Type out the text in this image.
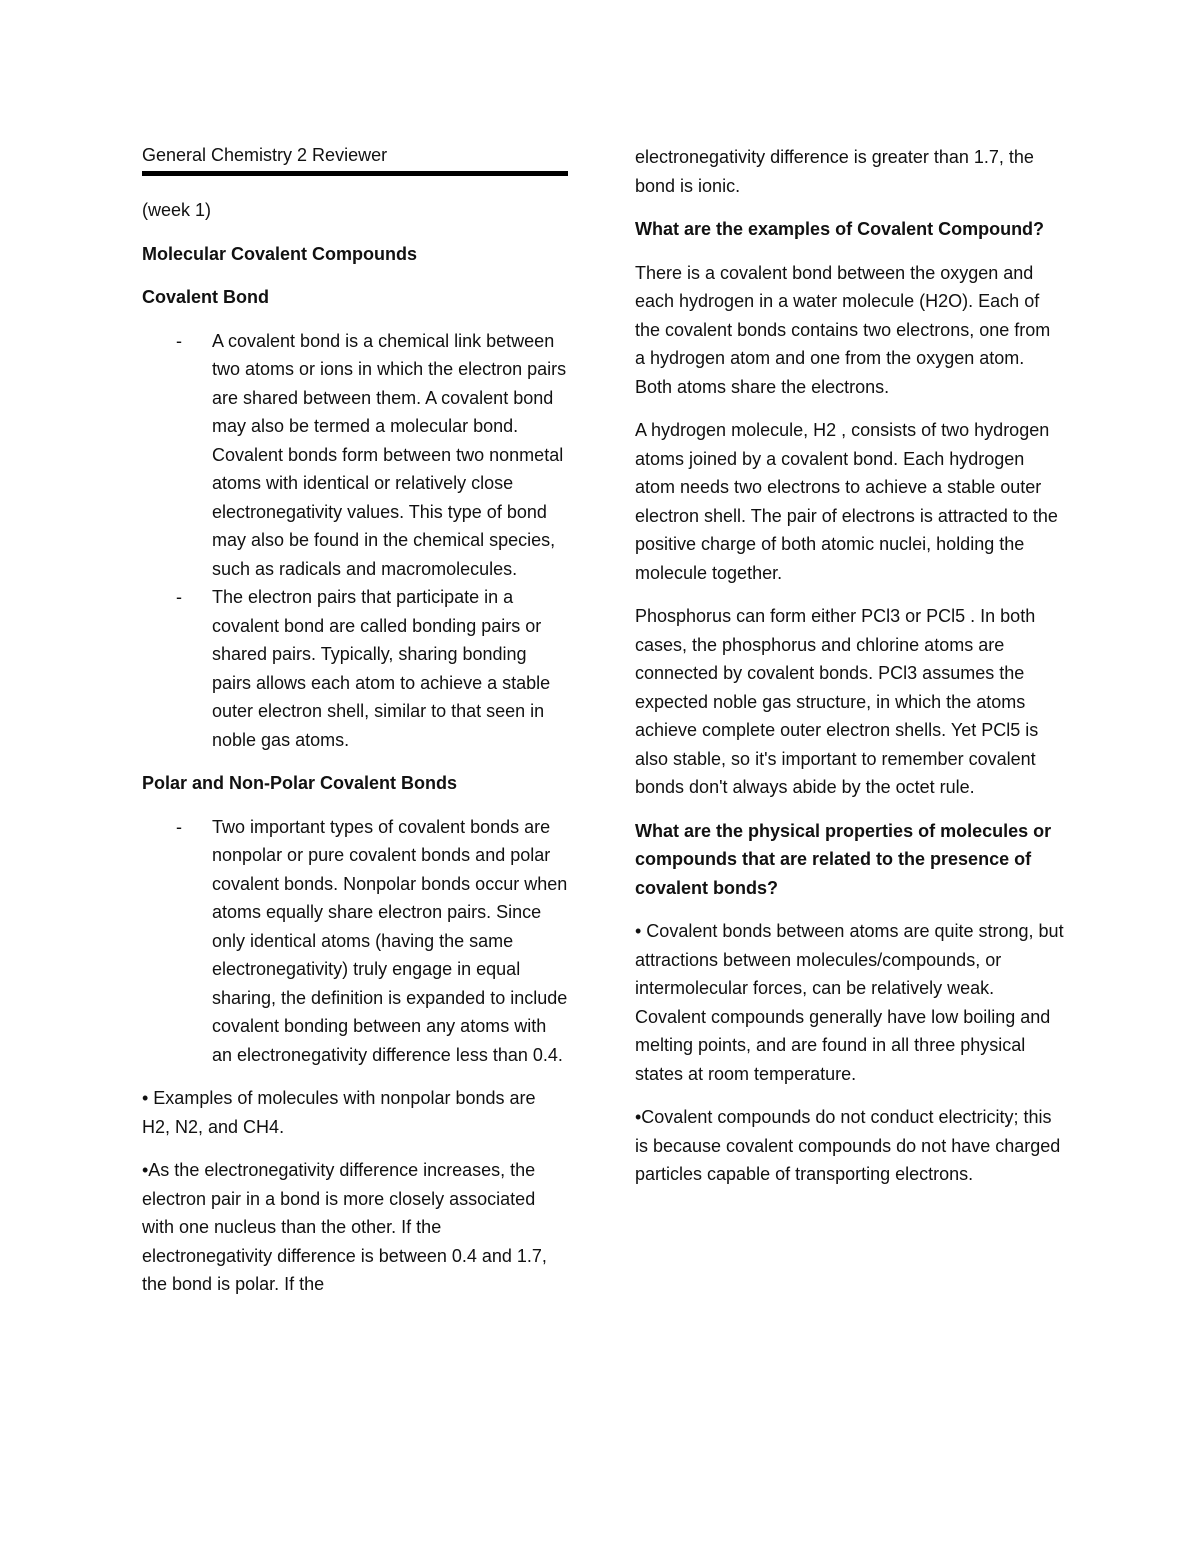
General Chemistry 2 Reviewer

(week 1)

Molecular Covalent Compounds

Covalent Bond

- A covalent bond is a chemical link between two atoms or ions in which the electron pairs are shared between them. A covalent bond may also be termed a molecular bond. Covalent bonds form between two nonmetal atoms with identical or relatively close electronegativity values. This type of bond may also be found in the chemical species, such as radicals and macromolecules.
- The electron pairs that participate in a covalent bond are called bonding pairs or shared pairs. Typically, sharing bonding pairs allows each atom to achieve a stable outer electron shell, similar to that seen in noble gas atoms.

Polar and Non-Polar Covalent Bonds

- Two important types of covalent bonds are nonpolar or pure covalent bonds and polar covalent bonds. Nonpolar bonds occur when atoms equally share electron pairs. Since only identical atoms (having the same electronegativity) truly engage in equal sharing, the definition is expanded to include covalent bonding between any atoms with an electronegativity difference less than 0.4.

• Examples of molecules with nonpolar bonds are H2, N2, and CH4.

•As the electronegativity difference increases, the electron pair in a bond is more closely associated with one nucleus than the other. If the electronegativity difference is between 0.4 and 1.7, the bond is polar. If the

electronegativity difference is greater than 1.7, the bond is ionic.

What are the examples of Covalent Compound?

There is a covalent bond between the oxygen and each hydrogen in a water molecule (H2O). Each of the covalent bonds contains two electrons, one from a hydrogen atom and one from the oxygen atom. Both atoms share the electrons.

A hydrogen molecule, H2 , consists of two hydrogen atoms joined by a covalent bond. Each hydrogen atom needs two electrons to achieve a stable outer electron shell. The pair of electrons is attracted to the positive charge of both atomic nuclei, holding the molecule together.

Phosphorus can form either PCl3 or PCl5 . In both cases, the phosphorus and chlorine atoms are connected by covalent bonds. PCl3 assumes the expected noble gas structure, in which the atoms achieve complete outer electron shells. Yet PCl5 is also stable, so it's important to remember covalent bonds don't always abide by the octet rule.

What are the physical properties of molecules or compounds that are related to the presence of covalent bonds?

• Covalent bonds between atoms are quite strong, but attractions between molecules/compounds, or intermolecular forces, can be relatively weak. Covalent compounds generally have low boiling and melting points, and are found in all three physical states at room temperature.

•Covalent compounds do not conduct electricity; this is because covalent compounds do not have charged particles capable of transporting electrons.
